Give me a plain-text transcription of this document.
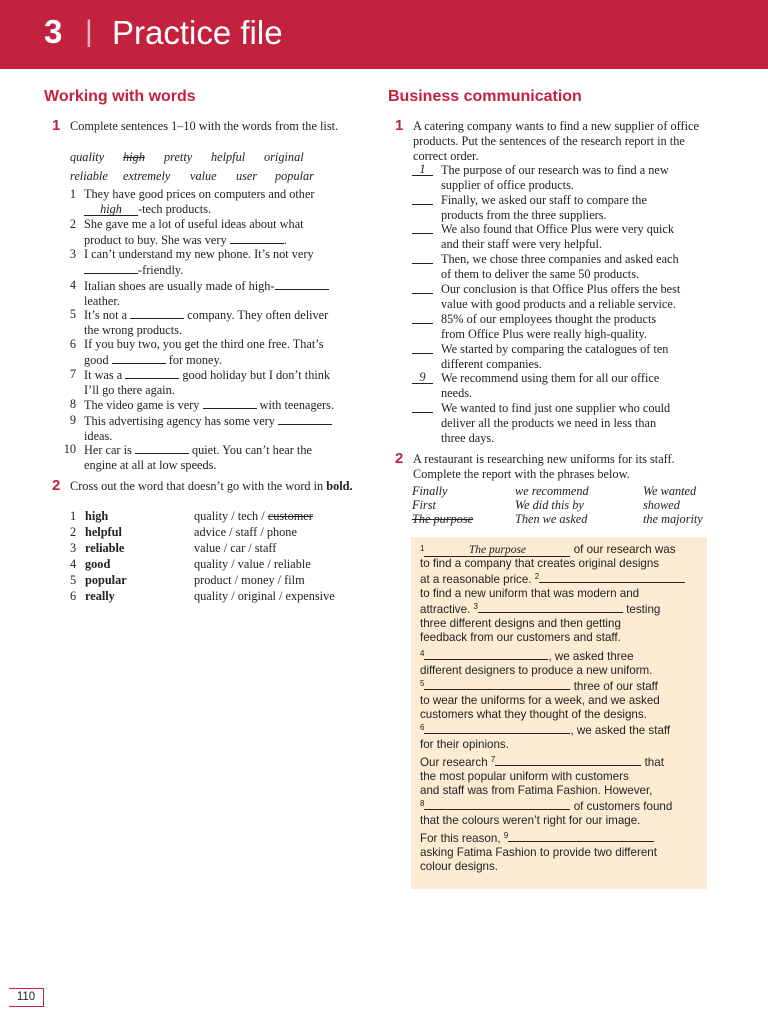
3 | Practice file
Working with words
1 Complete sentences 1–10 with the words from the list.
quality high pretty helpful original
reliable extremely value user popular
1 They have good prices on computers and other
high -tech products.
2 She gave me a lot of useful ideas about what
product to buy. She was very	.
3 I can’t understand my new phone. It’s not very
-friendly.
4 Italian shoes are usually made of high-
leather.
5 It’s not a	company. They often deliver
the wrong products.
6 If you buy two, you get the third one free. That’s
good	for money.
7 It was a	good holiday but I don’t think
I’ll go there again.
8 The video game is very	with teenagers.
9 This advertising agency has some very
ideas.
10 Her car is	quiet. You can’t hear the
engine at all at low speeds.
2 Cross out the word that doesn’t go with the word in bold.
1 high	quality / tech / customer
2 helpful	advice / staff / phone
3 reliable	value / car / staff
4 good	quality / value / reliable
5 popular	product / money / film
6 really	quality / original / expensive
Business communication
1 A catering company wants to find a new supplier of office products. Put the sentences of the research report in the correct order.
1	The purpose of our research was to find a new
supplier of office products.
Finally, we asked our staff to compare the
products from the three suppliers.
We also found that Office Plus were very quick
and their staff were very helpful.
Then, we chose three companies and asked each
of them to deliver the same 50 products.
Our conclusion is that Office Plus offers the best
value with good products and a reliable service.
85% of our employees thought the products
from Office Plus were really high-quality.
We started by comparing the catalogues of ten
different companies.
9	We recommend using them for all our office
needs.
We wanted to find just one supplier who could
deliver all the products we need in less than
three days.
2 A restaurant is researching new uniforms for its staff. Complete the report with the phrases below.
Finally	we recommend	We wanted
First	We did this by	showed
The purpose	Then we asked	the majority
$^1$	The purpose	of our research was
to find a company that creates original designs
at a reasonable price. $^2$
to find a new uniform that was modern and
attractive. $^3$	testing
three different designs and then getting
feedback from our customers and staff.
$^4$	, we asked three
different designers to produce a new uniform.
$^5$	three of our staff
to wear the uniforms for a week, and we asked
customers what they thought of the designs.
$^6$	, we asked the staff
for their opinions.
Our research $^7$	that
the most popular uniform with customers
and staff was from Fatima Fashion. However,
$^8$	of customers found
that the colours weren’t right for our image.
For this reason, $^9$
asking Fatima Fashion to provide two different
colour designs.
110
